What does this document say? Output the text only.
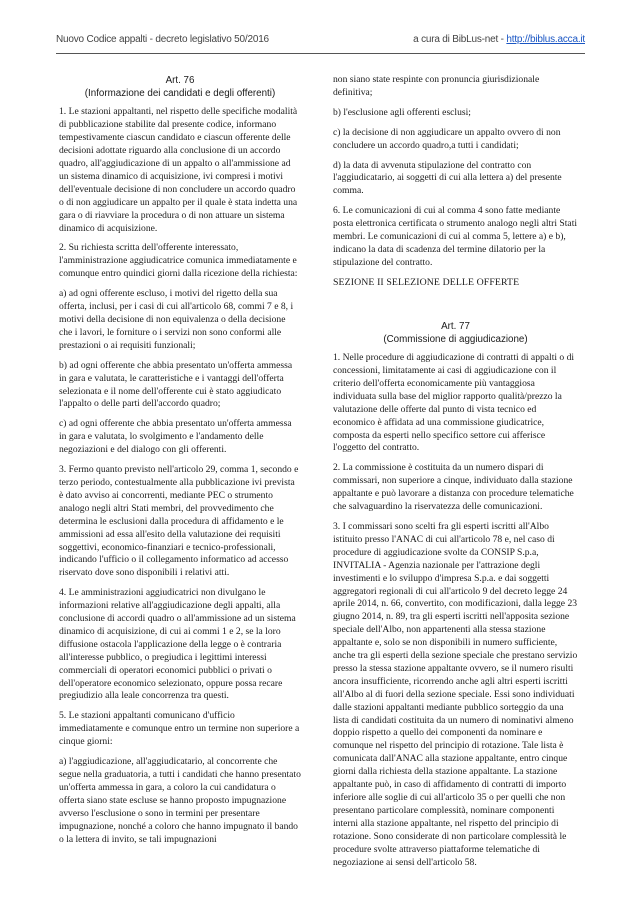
Nuovo Codice appalti - decreto legislativo 50/2016	a cura di BibLus-net - http://biblus.acca.it
Art. 76
(Informazione dei candidati e degli offerenti)

1. Le stazioni appaltanti, nel rispetto delle specifiche modalità di pubblicazione stabilite dal presente codice, informano tempestivamente ciascun candidato e ciascun offerente delle decisioni adottate riguardo alla conclusione di un accordo quadro, all'aggiudicazione di un appalto o all'ammissione ad un sistema dinamico di acquisizione, ivi compresi i motivi dell'eventuale decisione di non concludere un accordo quadro o di non aggiudicare un appalto per il quale è stata indetta una gara o di riavviare la procedura o di non attuare un sistema dinamico di acquisizione.

2. Su richiesta scritta dell'offerente interessato, l'amministrazione aggiudicatrice comunica immediatamente e comunque entro quindici giorni dalla ricezione della richiesta:

a) ad ogni offerente escluso, i motivi del rigetto della sua offerta, inclusi, per i casi di cui all'articolo 68, commi 7 e 8, i motivi della decisione di non equivalenza o della decisione che i lavori, le forniture o i servizi non sono conformi alle prestazioni o ai requisiti funzionali;

b) ad ogni offerente che abbia presentato un'offerta ammessa in gara e valutata, le caratteristiche e i vantaggi dell'offerta selezionata e il nome dell'offerente cui è stato aggiudicato l'appalto o delle parti dell'accordo quadro;

c) ad ogni offerente che abbia presentato un'offerta ammessa in gara e valutata, lo svolgimento e l'andamento delle negoziazioni e del dialogo con gli offerenti.

3. Fermo quanto previsto nell'articolo 29, comma 1, secondo e terzo periodo, contestualmente alla pubblicazione ivi prevista è dato avviso ai concorrenti, mediante PEC o strumento analogo negli altri Stati membri, del provvedimento che determina le esclusioni dalla procedura di affidamento e le ammissioni ad essa all'esito della valutazione dei requisiti soggettivi, economico-finanziari e tecnico-professionali, indicando l'ufficio o il collegamento informatico ad accesso riservato dove sono disponibili i relativi atti.

4. Le amministrazioni aggiudicatrici non divulgano le informazioni relative all'aggiudicazione degli appalti, alla conclusione di accordi quadro o all'ammissione ad un sistema dinamico di acquisizione, di cui ai commi 1 e 2, se la loro diffusione ostacola l'applicazione della legge o è contraria all'interesse pubblico, o pregiudica i legittimi interessi commerciali di operatori economici pubblici o privati o dell'operatore economico selezionato, oppure possa recare pregiudizio alla leale concorrenza tra questi.

5. Le stazioni appaltanti comunicano d'ufficio immediatamente e comunque entro un termine non superiore a cinque giorni:

a) l'aggiudicazione, all'aggiudicatario, al concorrente che segue nella graduatoria, a tutti i candidati che hanno presentato un'offerta ammessa in gara, a coloro la cui candidatura o offerta siano state escluse se hanno proposto impugnazione avverso l'esclusione o sono in termini per presentare impugnazione, nonché a coloro che hanno impugnato il bando o la lettera di invito, se tali impugnazioni

non siano state respinte con pronuncia giurisdizionale definitiva;

b) l'esclusione agli offerenti esclusi;

c) la decisione di non aggiudicare un appalto ovvero di non concludere un accordo quadro,a tutti i candidati;

d) la data di avvenuta stipulazione del contratto con l'aggiudicatario, ai soggetti di cui alla lettera a) del presente comma.

6. Le comunicazioni di cui al comma 4 sono fatte mediante posta elettronica certificata o strumento analogo negli altri Stati membri. Le comunicazioni di cui al comma 5, lettere a) e b), indicano la data di scadenza del termine dilatorio per la stipulazione del contratto.

SEZIONE II SELEZIONE DELLE OFFERTE

Art. 77
(Commissione di aggiudicazione)

1. Nelle procedure di aggiudicazione di contratti di appalti o di concessioni, limitatamente ai casi di aggiudicazione con il criterio dell'offerta economicamente più vantaggiosa individuata sulla base del miglior rapporto qualità/prezzo la valutazione delle offerte dal punto di vista tecnico ed economico è affidata ad una commissione giudicatrice, composta da esperti nello specifico settore cui afferisce l'oggetto del contratto.

2. La commissione è costituita da un numero dispari di commissari, non superiore a cinque, individuato dalla stazione appaltante e può lavorare a distanza con procedure telematiche che salvaguardino la riservatezza delle comunicazioni.

3. I commissari sono scelti fra gli esperti iscritti all'Albo istituito presso l'ANAC di cui all'articolo 78 e, nel caso di procedure di aggiudicazione svolte da CONSIP S.p.a, INVITALIA - Agenzia nazionale per l'attrazione degli investimenti e lo sviluppo d'impresa S.p.a. e dai soggetti aggregatori regionali di cui all'articolo 9 del decreto legge 24 aprile 2014, n. 66, convertito, con modificazioni, dalla legge 23 giugno 2014, n. 89, tra gli esperti iscritti nell'apposita sezione speciale dell'Albo, non appartenenti alla stessa stazione appaltante e, solo se non disponibili in numero sufficiente, anche tra gli esperti della sezione speciale che prestano servizio presso la stessa stazione appaltante ovvero, se il numero risulti ancora insufficiente, ricorrendo anche agli altri esperti iscritti all'Albo al di fuori della sezione speciale. Essi sono individuati dalle stazioni appaltanti mediante pubblico sorteggio da una lista di candidati costituita da un numero di nominativi almeno doppio rispetto a quello dei componenti da nominare e comunque nel rispetto del principio di rotazione. Tale lista è comunicata dall'ANAC alla stazione appaltante, entro cinque giorni dalla richiesta della stazione appaltante. La stazione appaltante può, in caso di affidamento di contratti di importo inferiore alle soglie di cui all'articolo 35 o per quelli che non presentano particolare complessità, nominare componenti interni alla stazione appaltante, nel rispetto del principio di rotazione. Sono considerate di non particolare complessità le procedure svolte attraverso piattaforme telematiche di negoziazione ai sensi dell'articolo 58.
